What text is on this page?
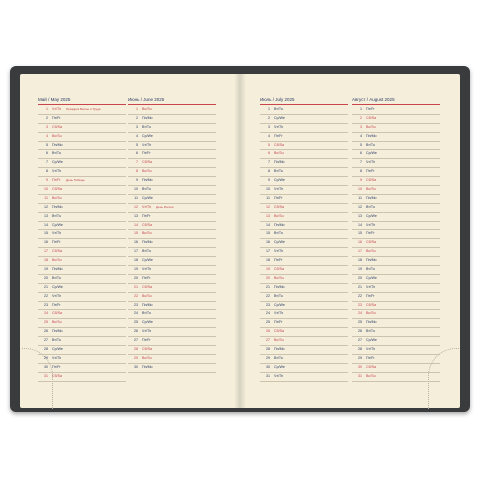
Май / May 2025
1 Чт/Th Праздник Весны и Труда
2 Пт/Fr
3 Сб/Sa
4 Вс/Su
5 Пн/Mo
6 Вт/Tu
7 Ср/We
8 Чт/Th
9 Пт/Fr День Победы
10 Сб/Sa
11 Вс/Su
12 Пн/Mo
13 Вт/Tu
14 Ср/We
15 Чт/Th
16 Пт/Fr
17 Сб/Sa
18 Вс/Su
19 Пн/Mo
20 Вт/Tu
21 Ср/We
22 Чт/Th
23 Пт/Fr
24 Сб/Sa
25 Вс/Su
26 Пн/Mo
27 Вт/Tu
28 Ср/We
29 Чт/Th
30 Пт/Fr
31 Сб/Sa
Июнь / June 2025
1 Вс/Su
2 Пн/Mo
3 Вт/Tu
4 Ср/We
5 Чт/Th
6 Пт/Fr
7 Сб/Sa
8 Вс/Su
9 Пн/Mo
10 Вт/Tu
11 Ср/We
12 Чт/Th День России
13 Пт/Fr
14 Сб/Sa
15 Вс/Su
16 Пн/Mo
17 Вт/Tu
18 Ср/We
19 Чт/Th
20 Пт/Fr
21 Сб/Sa
22 Вс/Su
23 Пн/Mo
24 Вт/Tu
25 Ср/We
26 Чт/Th
27 Пт/Fr
28 Сб/Sa
29 Вс/Su
30 Пн/Mo
Июль / July 2025
1 Вт/Tu
2 Ср/We
3 Чт/Th
4 Пт/Fr
5 Сб/Sa
6 Вс/Su
7 Пн/Mo
8 Вт/Tu
9 Ср/We
10 Чт/Th
11 Пт/Fr
12 Сб/Sa
13 Вс/Su
14 Пн/Mo
15 Вт/Tu
16 Ср/We
17 Чт/Th
18 Пт/Fr
19 Сб/Sa
20 Вс/Su
21 Пн/Mo
22 Вт/Tu
23 Ср/We
24 Чт/Th
25 Пт/Fr
26 Сб/Sa
27 Вс/Su
28 Пн/Mo
29 Вт/Tu
30 Ср/We
31 Чт/Th
Август / August 2025
1 Пт/Fr
2 Сб/Sa
3 Вс/Su
4 Пн/Mo
5 Вт/Tu
6 Ср/We
7 Чт/Th
8 Пт/Fr
9 Сб/Sa
10 Вс/Su
11 Пн/Mo
12 Вт/Tu
13 Ср/We
14 Чт/Th
15 Пт/Fr
16 Сб/Sa
17 Вс/Su
18 Пн/Mo
19 Вт/Tu
20 Ср/We
21 Чт/Th
22 Пт/Fr
23 Сб/Sa
24 Вс/Su
25 Пн/Mo
26 Вт/Tu
27 Ср/We
28 Чт/Th
29 Пт/Fr
30 Сб/Sa
31 Вс/Su
